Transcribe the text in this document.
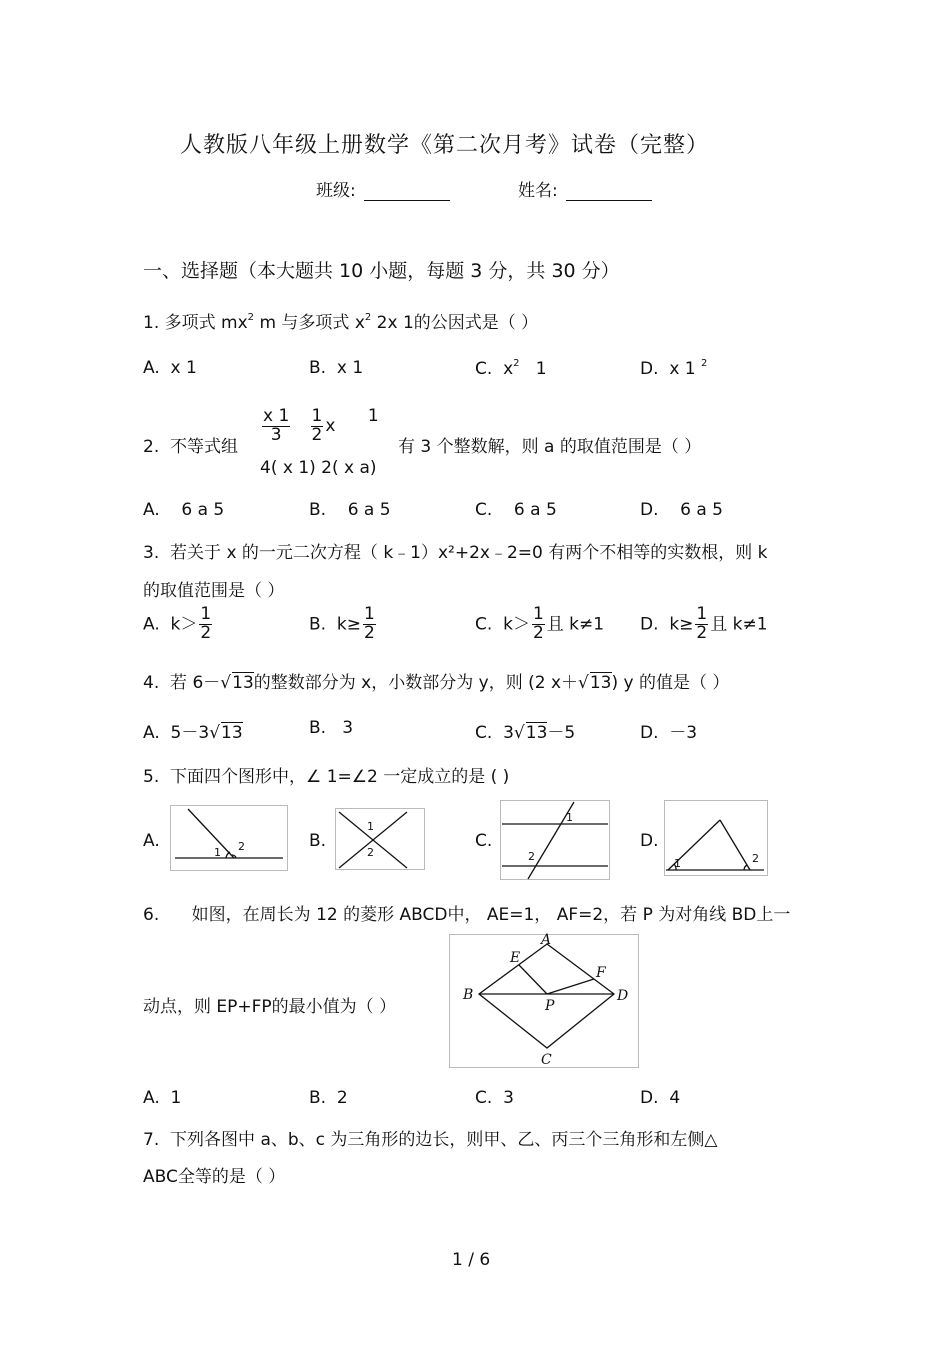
人教版八年级上册数学《第二次月考》试卷（完整）
班级:	姓名:
一、选择题（本大题共 10 小题，每题 3 分，共 30 分）
1. 多项式 $mx^2$ m 与多项式 $x^2$ 2x 1的公因式是（ ）
A. x 1	B. x 1	C. $x^2$ 1	D. x 1 $^2$
2. 不等式组
$\frac{x 1}{3}$
$\frac{1}{2}$ x 1
4( x 1) 2( x a)
有 3 个整数解，则 a 的取值范围是（ ）
A. 6 a 5	B. 6 a 5	C. 6 a 5	D. 6 a 5
3. 若关于 x 的一元二次方程（ k﹣1）x²+2x﹣2=0 有两个不相等的实数根，则 k
的取值范围是（ ）
A. $k> \frac{1}{2}$	B. $k\ge \frac{1}{2}$	C. $k> \frac{1}{2}$ 且 k≠1 D. $k\ge \frac{1}{2}$ 且 k≠1
4. 若 6－√13的整数部分为 x，小数部分为 y，则 (2 x＋√13) y 的值是（ ）
A. 5－3√13	B. 3	C. 3√13－5	D. －3
5. 下面四个图形中，∠ 1=∠2 一定成立的是 ( )
A.	B.	C.	D.
1 2
1
2
1
2
1	2
6. 如图，在周长为 12 的菱形 ABCD中， AE=1， AF=2，若 P 为对角线 BD上一
动点，则 EP+FP的最小值为（ ）
A
B
C
D
E
F
P
A. 1	B. 2	C. 3	D. 4
7. 下列各图中 a、b、c 为三角形的边长，则甲、乙、丙三个三角形和左侧△
ABC全等的是（ ）
1 / 6
